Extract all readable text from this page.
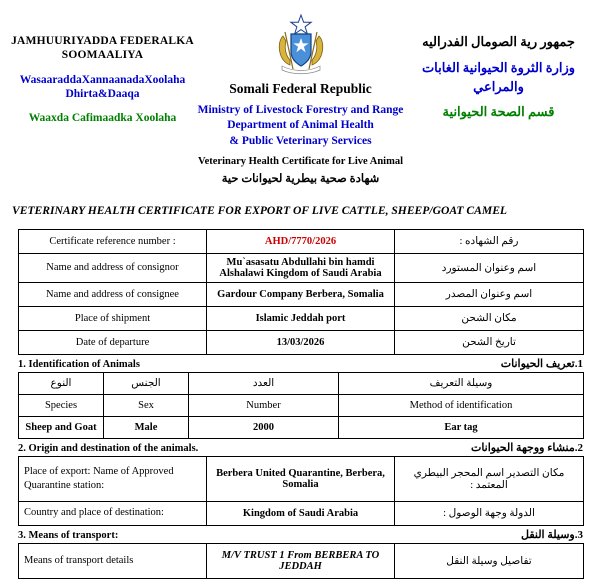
JAMHUURIYADDA FEDERALKA SOOMAALIYA
WasaaraddaXannaanadaXoolaha Dhirta&Daaqa
Waaxda Cafimaadka Xoolaha
Somali Federal Republic
Ministry of Livestock Forestry and Range
Department of Animal Health
& Public Veterinary Services
Veterinary Health Certificate for Live Animal
شهادة صحية بيطرية لحيوانات حية
جمهور رية الصومال الفدراليه
وزارة الثروة الحيوانية الغابات
والمراعي
قسم الصحة الحيوانية
VETERINARY HEALTH CERTIFICATE FOR EXPORT OF LIVE CATTLE, SHEEP/GOAT CAMEL
Certificate reference number :	AHD/7770/2026	رقم الشهاده :
Name and address of consignor	Mu`asasatu Abdullahi bin hamdi Alshalawi Kingdom of Saudi Arabia	اسم وعنوان المستورد
Name and address of consignee	Gardour Company Berbera, Somalia	اسم وعنوان المصدر
Place of shipment	Islamic Jeddah port	مكان الشحن
Date of departure	13/03/2026	تاريخ الشحن
1. Identification of Animals	1.تعريف الحيوانات
النوع	الجنس	العدد	وسيلة التعريف
Species	Sex	Number	Method of identification
Sheep and Goat	Male	2000	Ear tag
2. Origin and destination of the animals.	2.منشاء ووجهة الحيوانات
Place of export: Name of Approved Quarantine station:	Berbera United Quarantine, Berbera, Somalia	مكان التصدير اسم المحجر البيطري المعتمد :
Country and place of destination:	Kingdom of Saudi Arabia	الدولة وجهة الوصول :
3. Means of transport:	3.وسيلة النقل
Means of transport details	M/V TRUST 1 From BERBERA TO JEDDAH	تفاصيل وسيلة النقل
